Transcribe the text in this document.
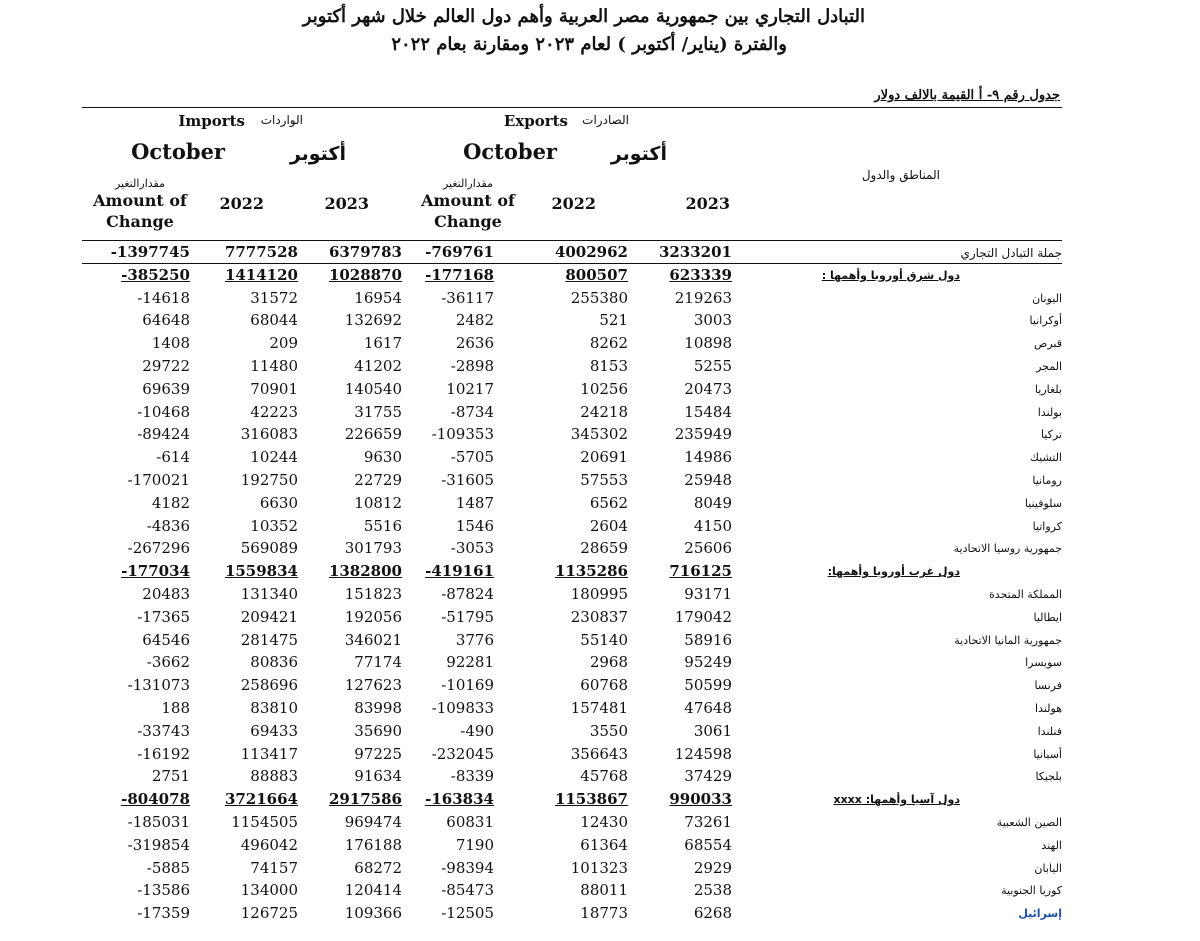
التبادل التجاري بين جمهورية مصر العربية وأهم دول العالم خلال شهر أكتوبر
والفترة (يناير/ أكتوبر ) لعام ٢٠٢٣ ومقارنة بعام ٢٠٢٢
جدول رقم ٩- أ القيمة بالالف دولار
الصادرات
Exports
الواردات
Imports
أكتوبر
October
أكتوبر
October
المناطق والدول
مقدارالتغير
Amount of
Change
مقدارالتغير
Amount of
Change
2023
2022
2023
2022
جملة التبادل التجاري
3233201
4002962
-769761
6379783
7777528
-1397745
دول شرق أوروبا وأهمها :
623339
800507
-177168
1028870
1414120
-385250
اليونان
219263
255380
-36117
16954
31572
-14618
أوكرانيا
3003
521
2482
132692
68044
64648
قبرص
10898
8262
2636
1617
209
1408
المجر
5255
8153
-2898
41202
11480
29722
بلغاريا
20473
10256
10217
140540
70901
69639
بولندا
15484
24218
-8734
31755
42223
-10468
تركيا
235949
345302
-109353
226659
316083
-89424
التشيك
14986
20691
-5705
9630
10244
-614
رومانيا
25948
57553
-31605
22729
192750
-170021
سلوفينيا
8049
6562
1487
10812
6630
4182
كرواتيا
4150
2604
1546
5516
10352
-4836
جمهورية روسيا الاتحادية
25606
28659
-3053
301793
569089
-267296
دول غرب أوروبا وأهمها:
716125
1135286
-419161
1382800
1559834
-177034
المملكة المتحدة
93171
180995
-87824
151823
131340
20483
ايطاليا
179042
230837
-51795
192056
209421
-17365
جمهورية المانيا الاتحادية
58916
55140
3776
346021
281475
64546
سويسرا
95249
2968
92281
77174
80836
-3662
فرنسا
50599
60768
-10169
127623
258696
-131073
هولندا
47648
157481
-109833
83998
83810
188
فنلندا
3061
3550
-490
35690
69433
-33743
أسبانيا
124598
356643
-232045
97225
113417
-16192
بلجيكا
37429
45768
-8339
91634
88883
2751
دول آسيا وأهمها: xxxx
990033
1153867
-163834
2917586
3721664
-804078
الصين الشعبية
73261
12430
60831
969474
1154505
-185031
الهند
68554
61364
7190
176188
496042
-319854
اليابان
2929
101323
-98394
68272
74157
-5885
كوريا الجنوبية
2538
88011
-85473
120414
134000
-13586
إسرائيل
6268
18773
-12505
109366
126725
-17359
